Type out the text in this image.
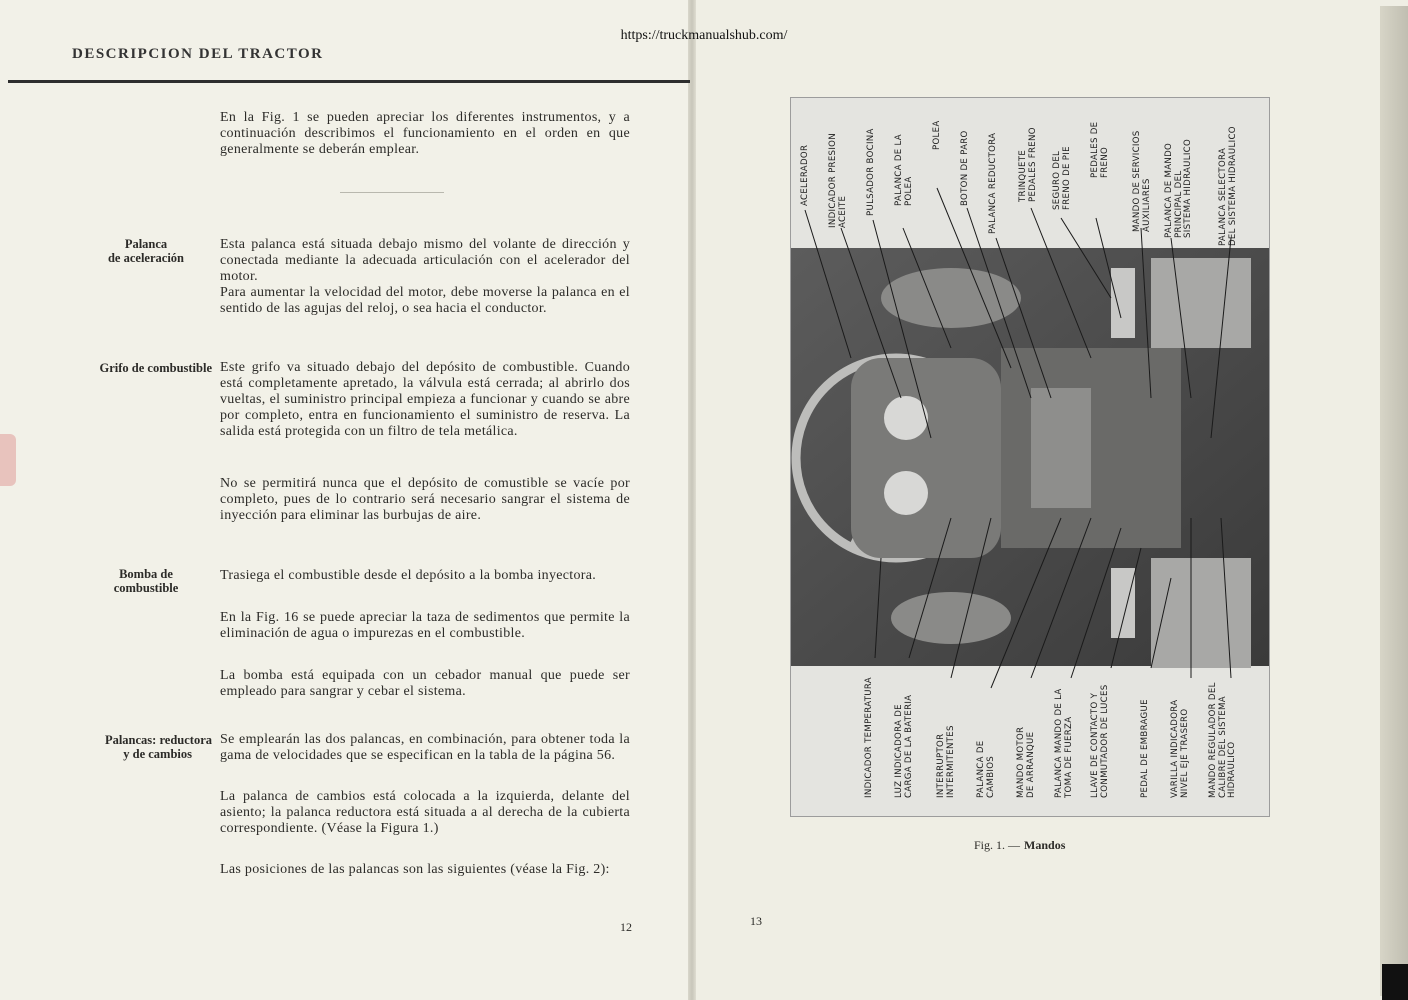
https://truckmanualshub.com/
DESCRIPCION DEL TRACTOR

En la Fig. 1 se pueden apreciar los diferentes instrumentos, y a continuación describimos el funcionamiento en el orden en que generalmente se deberán emplear.

Palanca
de aceleración

Esta palanca está situada debajo mismo del volante de dirección y conectada mediante la adecuada articulación con el acelerador del motor.

Para aumentar la velocidad del motor, debe moverse la palanca en el sentido de las agujas del reloj, o sea hacia el conductor.

Grifo de combustible Este grifo va situado debajo del depósito de combustible. Cuando está completamente apretado, la válvula está cerrada; al abrirlo dos vueltas, el suministro principal empieza a funcionar y cuando se abre por completo, entra en funcionamiento el suministro de reserva. La salida está protegida con un filtro de tela metálica.

No se permitirá nunca que el depósito de comustible se vacíe por completo, pues de lo contrario será necesario sangrar el sistema de inyección para eliminar las burbujas de aire.

Bomba de
combustible

Trasiega el combustible desde el depósito a la bomba inyectora.

En la Fig. 16 se puede apreciar la taza de sedimentos que permite la eliminación de agua o impurezas en el combustible.

La bomba está equipada con un cebador manual que puede ser empleado para sangrar y cebar el sistema.

Palancas: reductora
y de cambios

Se emplearán las dos palancas, en combinación, para obtener toda la gama de velocidades que se especifican en la tabla de la página 56.

La palanca de cambios está colocada a la izquierda, delante del asiento; la palanca reductora está situada a al derecha de la cubierta correspondiente. (Véase la Figura 1.)

Las posiciones de las palancas son las siguientes (véase la Fig. 2):

12	13
ACELERADOR INDICADOR PRESION
ACEITE PULSADOR BOCINA PALANCA DE LA
POLEA
POLEA BOTON DE PARO PALANCA REDUCTORA TRINQUETE
PEDALES FRENO
SEGURO DEL
FRENO DE PIE PEDALES DE
FRENO
MANDO DE SERVICIOS
AUXILIARES PALANCA DE MANDO
PRINCIPAL DEL
SISTEMA HIDRAULICO
PALANCA SELECTORA
DEL SISTEMA HIDRAULICO
INDICADOR TEMPERATURA LUZ INDICADORA DE
CARGA DE LA BATERIA
INTERRUPTOR
INTERMITENTES PALANCA DE
CAMBIOS MANDO MOTOR
DE ARRANQUE PALANCA MANDO DE LA
TOMA DE FUERZA
LLAVE DE CONTACTO Y
CONMUTADOR DE LUCES
PEDAL DE EMBRAGUE VARILLA INDICADORA
NIVEL EJE TRASERO
MANDO REGULADOR DEL
CALIBRE DEL SISTEMA
HIDRAULICO
Fig. 1. — Mandos
